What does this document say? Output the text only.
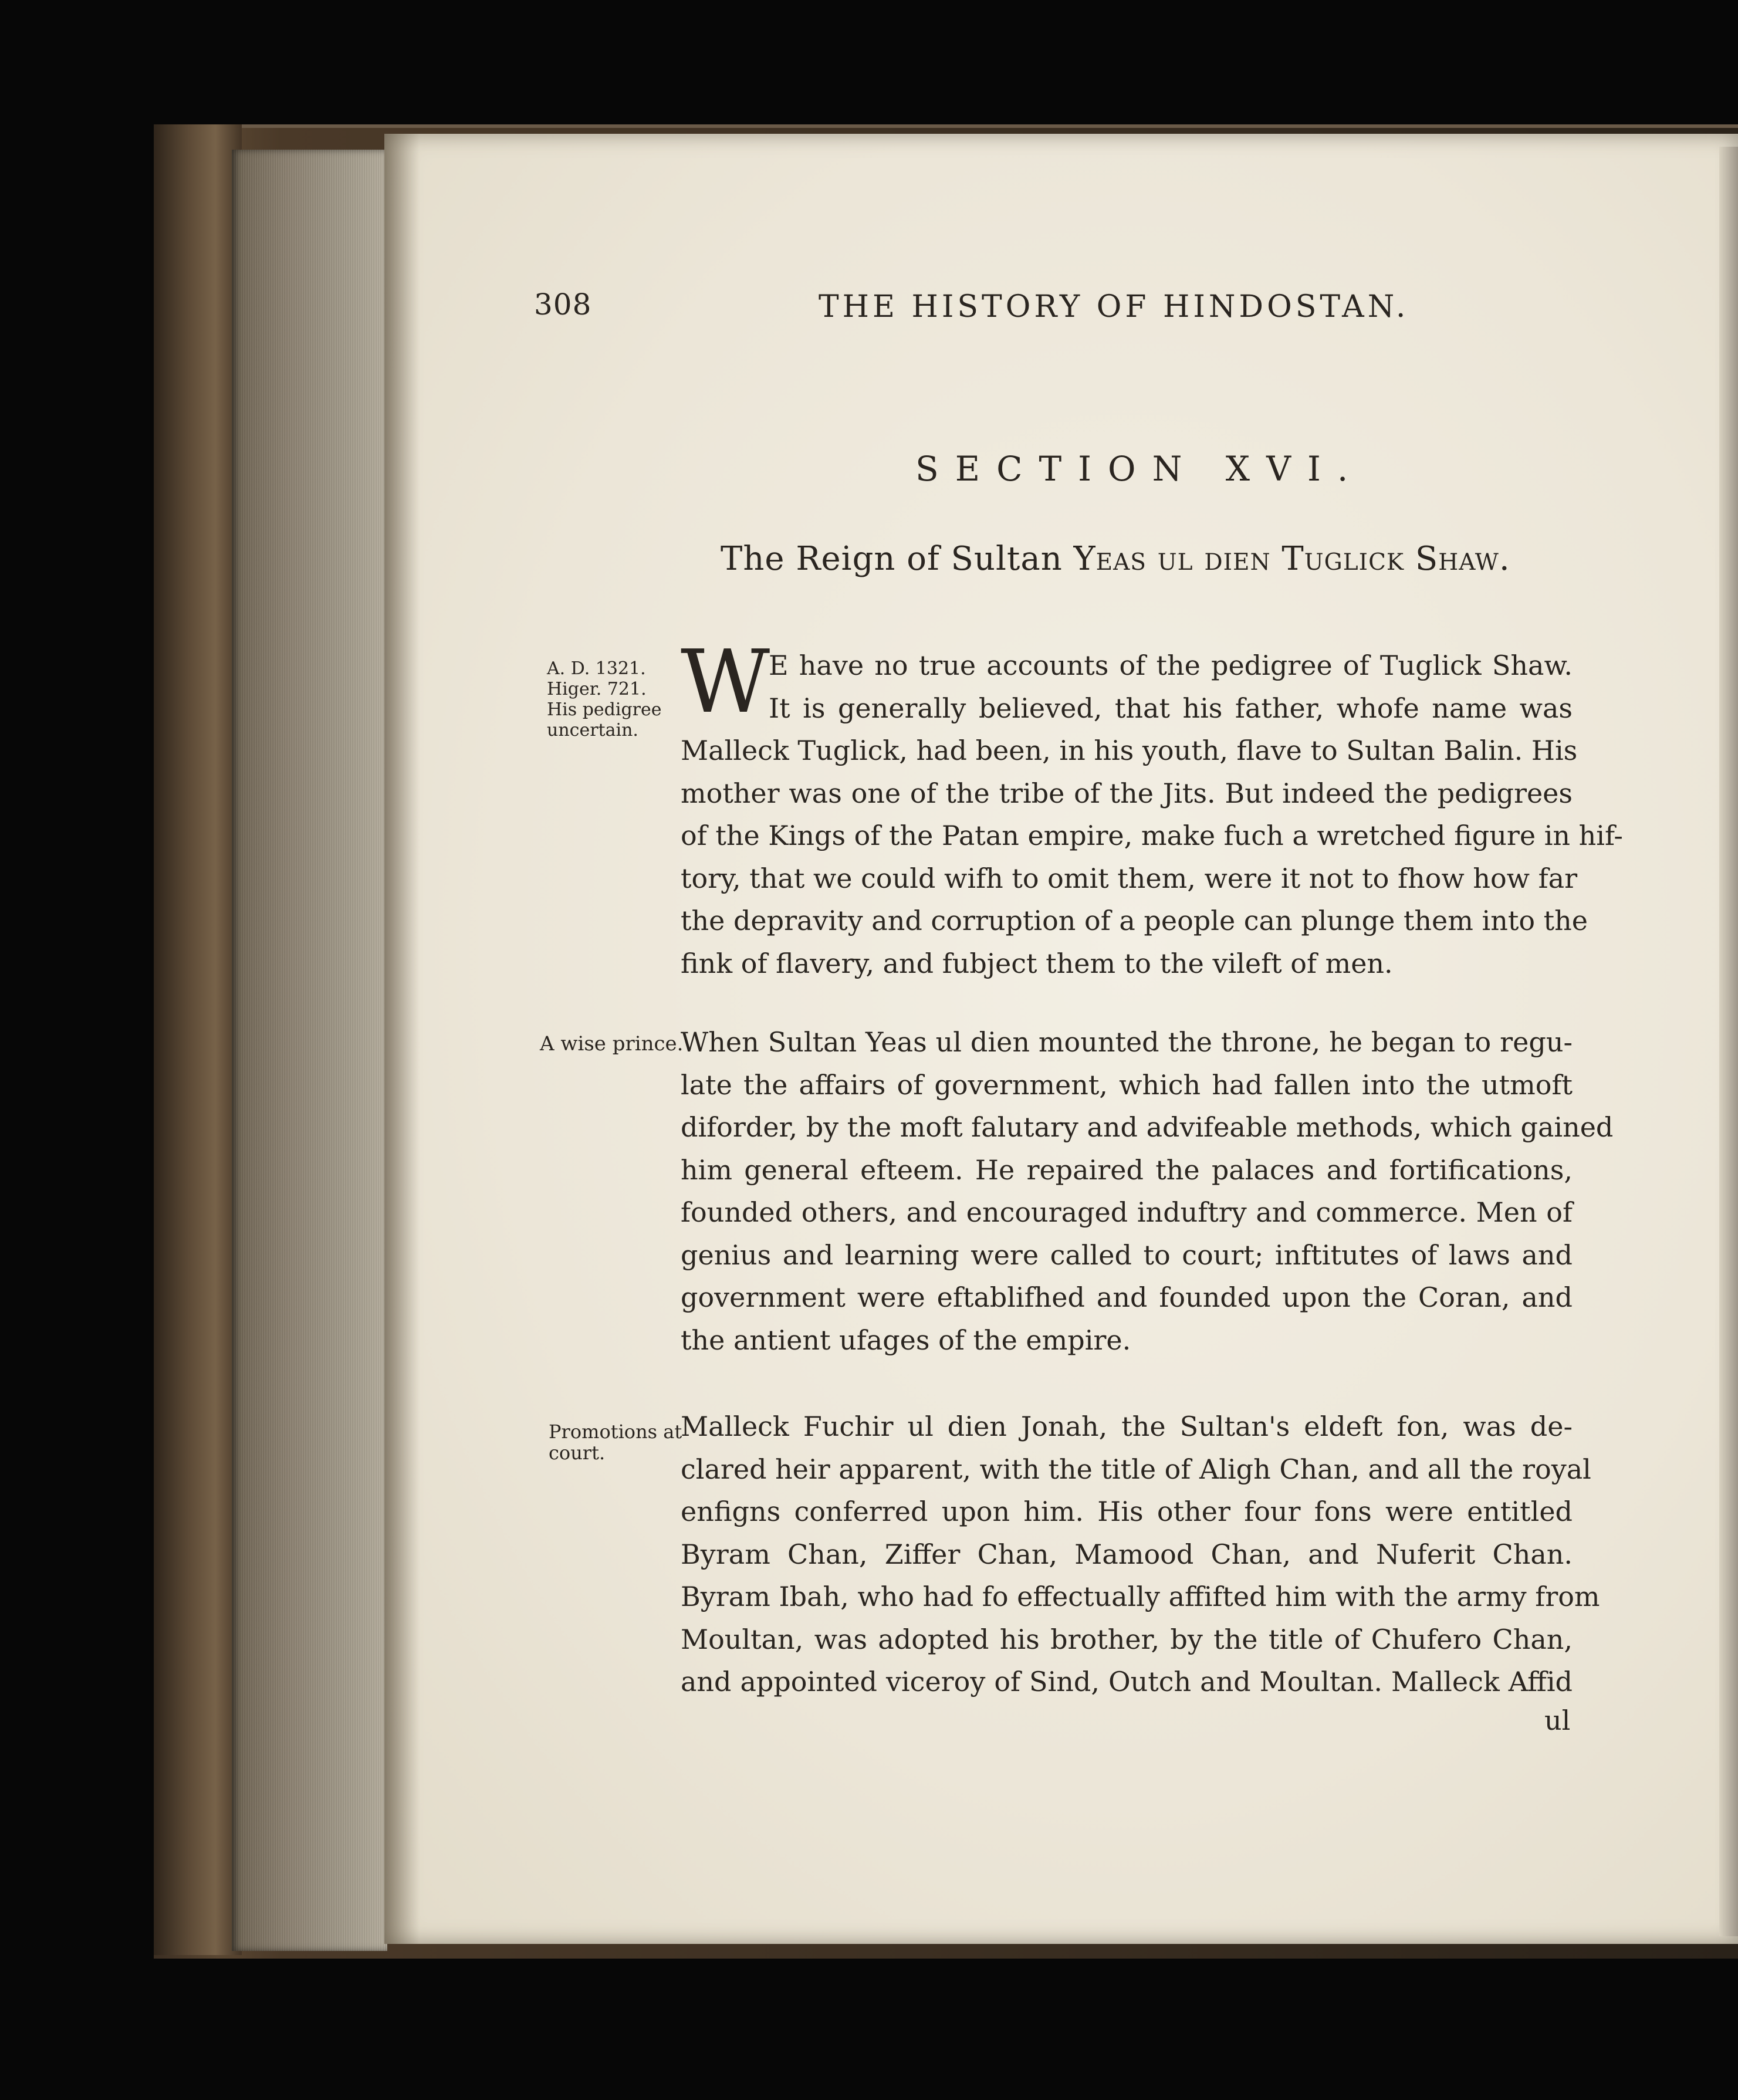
308	THE HISTORY OF HINDOSTAN.
SECTION XVI.
The Reign of Sultan Yeas ul dien Tuglick Shaw.
A. D. 1321.
Higer. 721.
His pedigree
uncertain.
A wise prince.
Promotions at
court.
W
E have no true accounts of the pedigree of Tuglick Shaw.
It is generally believed, that his father, whofe name was
Malleck Tuglick, had been, in his youth, flave to Sultan Balin. His
mother was one of the tribe of the Jits. But indeed the pedigrees
of the Kings of the Patan empire, make fuch a wretched figure in hif-
tory, that we could wifh to omit them, were it not to fhow how far
the depravity and corruption of a people can plunge them into the
fink of flavery, and fubject them to the vileft of men.
When Sultan Yeas ul dien mounted the throne, he began to regu-
late the affairs of government, which had fallen into the utmoft
diforder, by the moft falutary and advifeable methods, which gained
him general efteem. He repaired the palaces and fortifications,
founded others, and encouraged induftry and commerce. Men of
genius and learning were called to court; inftitutes of laws and
government were eftablifhed and founded upon the Coran, and
the antient ufages of the empire.
Malleck Fuchir ul dien Jonah, the Sultan's eldeft fon, was de-
clared heir apparent, with the title of Aligh Chan, and all the royal
enfigns conferred upon him. His other four fons were entitled
Byram Chan, Ziffer Chan, Mamood Chan, and Nuferit Chan.
Byram Ibah, who had fo effectually affifted him with the army from
Moultan, was adopted his brother, by the title of Chufero Chan,
and appointed viceroy of Sind, Outch and Moultan. Malleck Affid
ul
